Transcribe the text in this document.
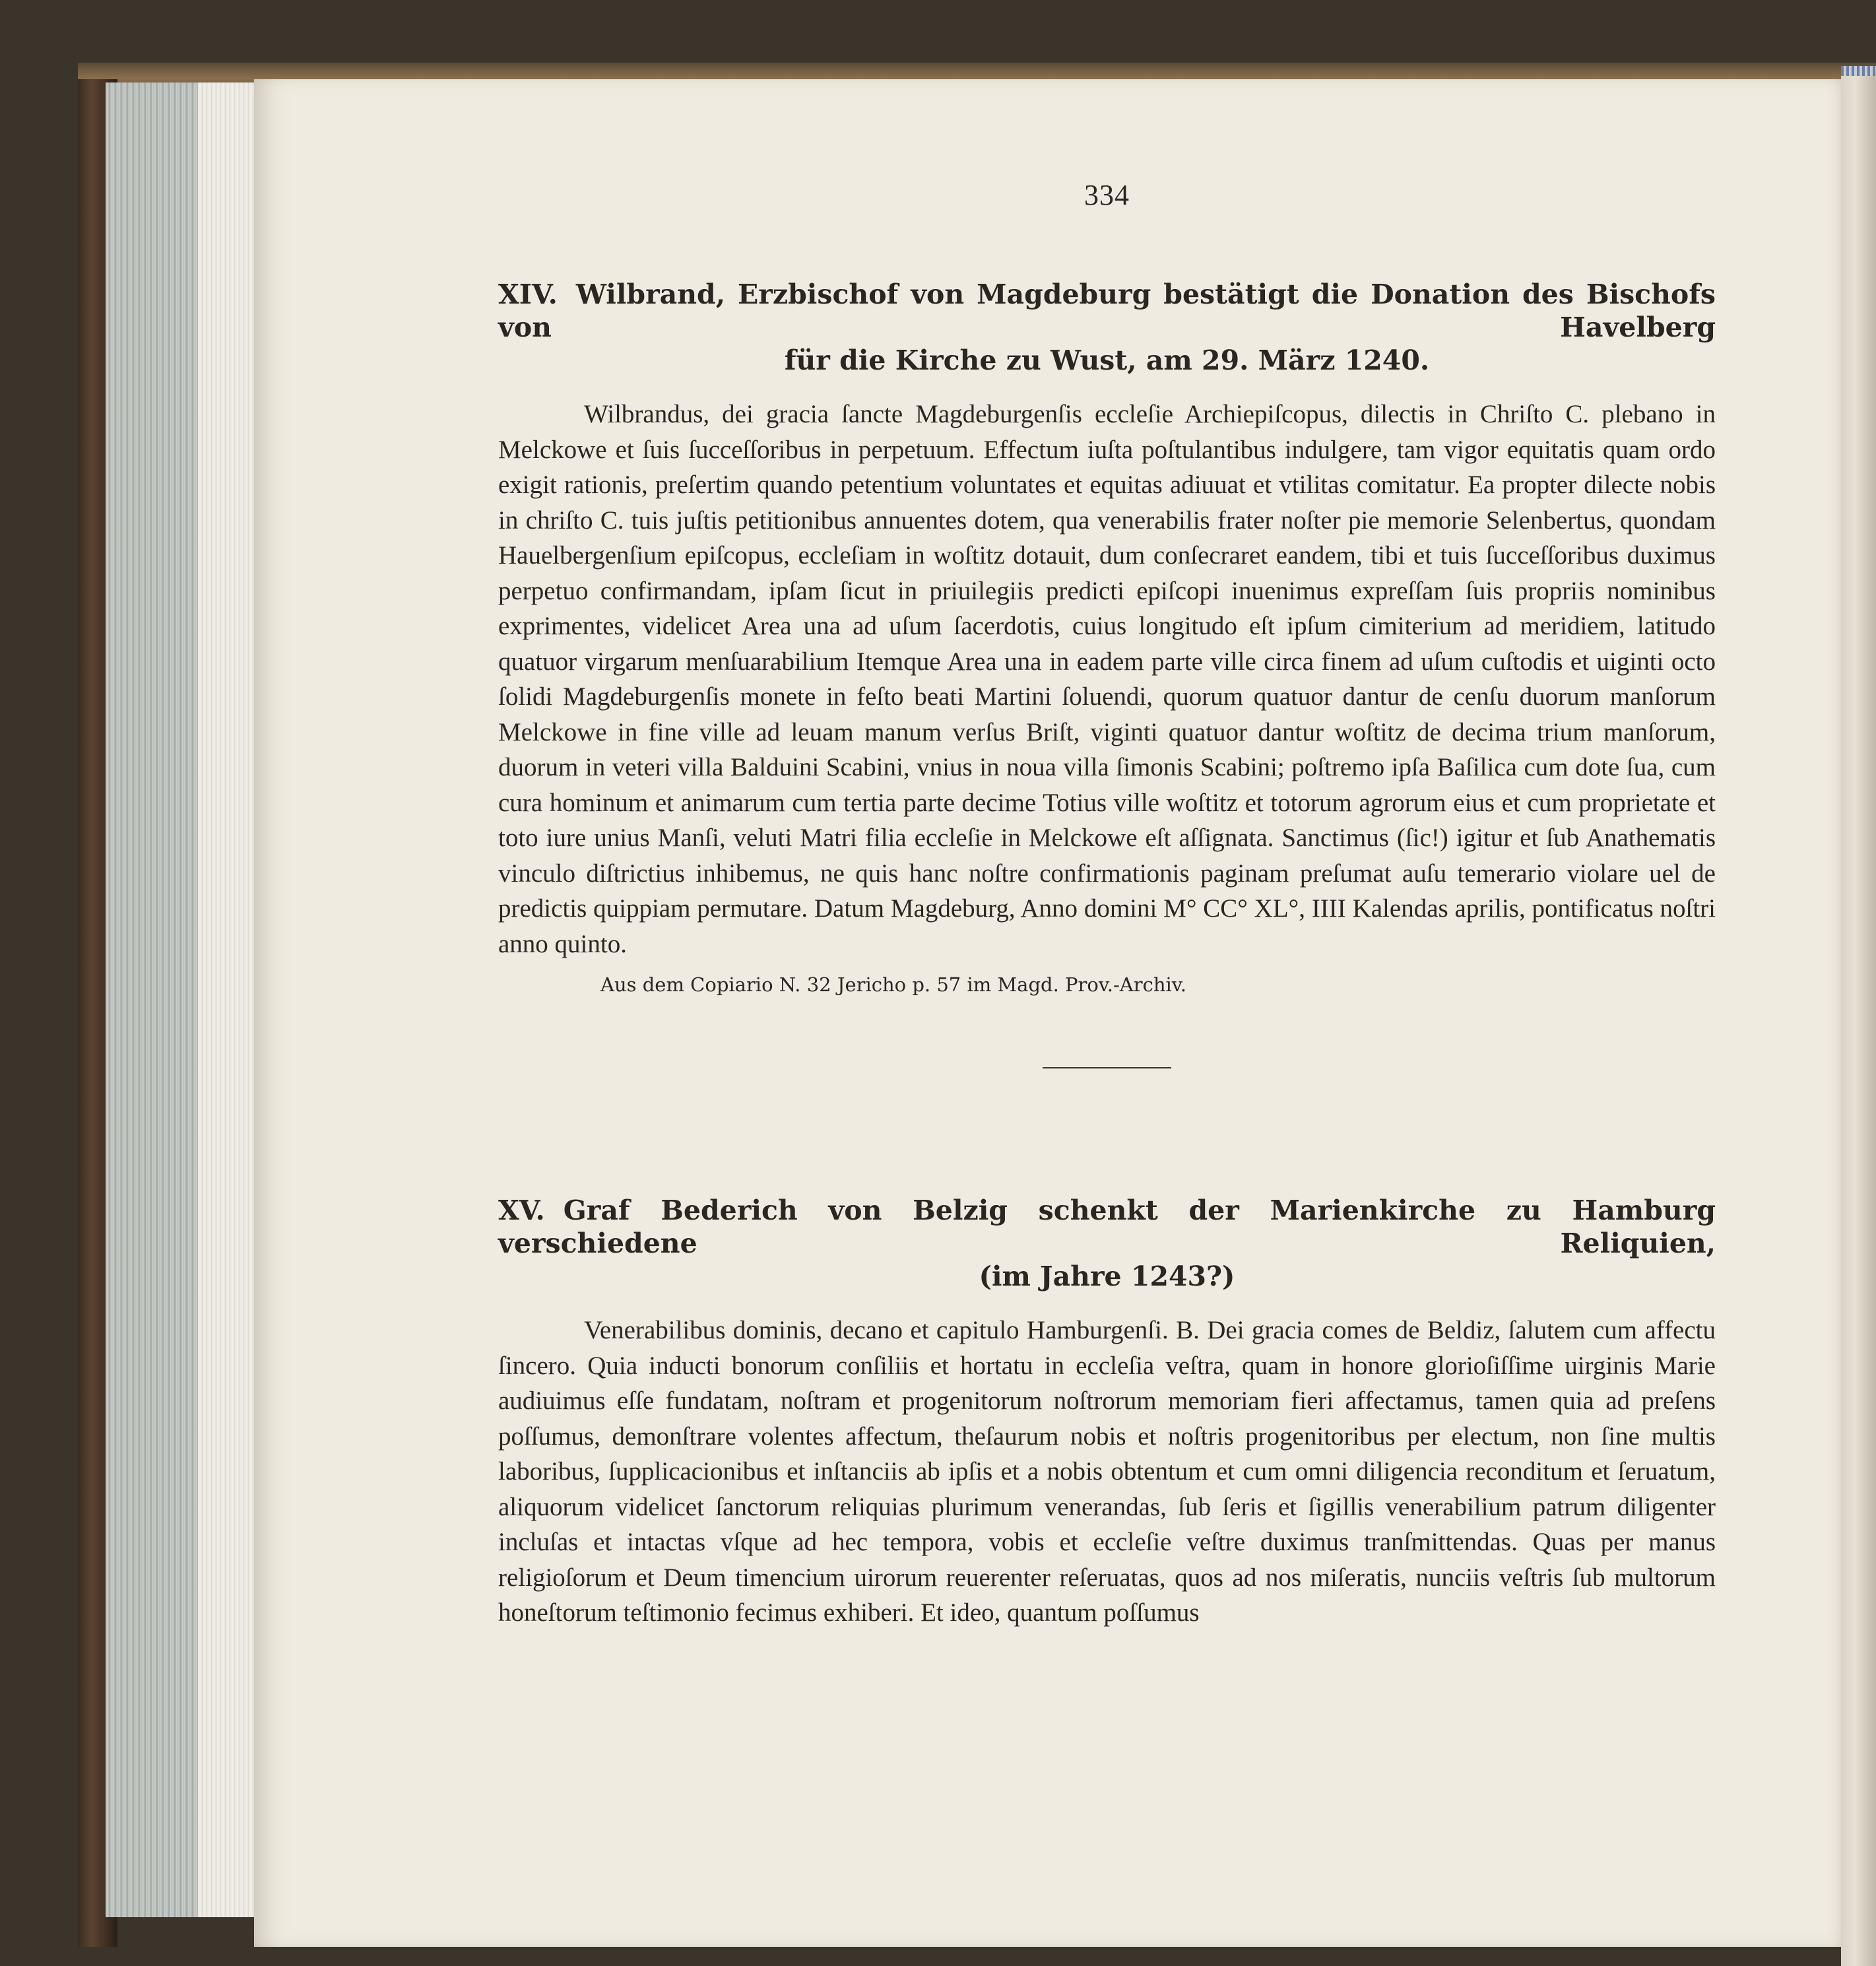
334
XIV. Wilbrand, Erzbischof von Magdeburg bestätigt die Donation des Bischofs von Havelberg
für die Kirche zu Wust, am 29. März 1240.

Wilbrandus, dei gracia ſancte Magdeburgenſis eccleſie Archiepiſcopus, dilectis in Chriſto C. plebano in Melckowe et ſuis ſucceſſoribus in perpetuum. Effectum iuſta poſtulantibus indulgere, tam vigor equitatis quam ordo exigit rationis, preſertim quando petentium voluntates et equitas adiuuat et vtilitas comitatur. Ea propter dilecte nobis in chriſto C. tuis juſtis petitionibus annuentes dotem, qua venerabilis frater noſter pie memorie Selenbertus, quondam Hauelbergenſium epiſcopus, eccleſiam in woſtitz dotauit, dum conſecraret eandem, tibi et tuis ſucceſſoribus duximus perpetuo confirmandam, ipſam ſicut in priuilegiis predicti epiſcopi inuenimus expreſſam ſuis propriis nominibus exprimentes, videlicet Area una ad uſum ſacerdotis, cuius longitudo eſt ipſum cimiterium ad meridiem, latitudo quatuor virgarum menſuarabilium Itemque Area una in eadem parte ville circa finem ad uſum cuſtodis et uiginti octo ſolidi Magdeburgenſis monete in feſto beati Martini ſoluendi, quorum quatuor dantur de cenſu duorum manſorum Melckowe in fine ville ad leuam manum verſus Briſt, viginti quatuor dantur woſtitz de decima trium manſorum, duorum in veteri villa Balduini Scabini, vnius in noua villa ſimonis Scabini; poſtremo ipſa Baſilica cum dote ſua, cum cura hominum et animarum cum tertia parte decime Totius ville woſtitz et totorum agrorum eius et cum proprietate et toto iure unius Manſi, veluti Matri filia eccleſie in Melckowe eſt aſſignata. Sanctimus (ſic!) igitur et ſub Anathematis vinculo diſtrictius inhibemus, ne quis hanc noſtre confirmationis paginam preſumat auſu temerario violare uel de predictis quippiam permutare. Datum Magdeburg, Anno domini M° CC° XL°, IIII Kalendas aprilis, pontificatus noſtri anno quinto.

Aus dem Copiario N. 32 Jericho p. 57 im Magd. Prov.-Archiv.
XV. Graf Bederich von Belzig schenkt der Marienkirche zu Hamburg verschiedene Reliquien,
(im Jahre 1243?)

Venerabilibus dominis, decano et capitulo Hamburgenſi. B. Dei gracia comes de Beldiz, ſalutem cum affectu ſincero. Quia inducti bonorum conſiliis et hortatu in eccleſia veſtra, quam in honore glorioſiſſime uirginis Marie audiuimus eſſe fundatam, noſtram et progenitorum noſtrorum memoriam fieri affectamus, tamen quia ad preſens poſſumus, demonſtrare volentes affectum, theſaurum nobis et noſtris progenitoribus per electum, non ſine multis laboribus, ſupplicacionibus et inſtanciis ab ipſis et a nobis obtentum et cum omni diligencia reconditum et ſeruatum, aliquorum videlicet ſanctorum reliquias plurimum venerandas, ſub ſeris et ſigillis venerabilium patrum diligenter incluſas et intactas vſque ad hec tempora, vobis et eccleſie veſtre duximus tranſmittendas. Quas per manus religioſorum et Deum timencium uirorum reuerenter reſeruatas, quos ad nos miſeratis, nunciis veſtris ſub multorum honeſtorum teſtimonio fecimus exhiberi. Et ideo, quantum poſſumus
